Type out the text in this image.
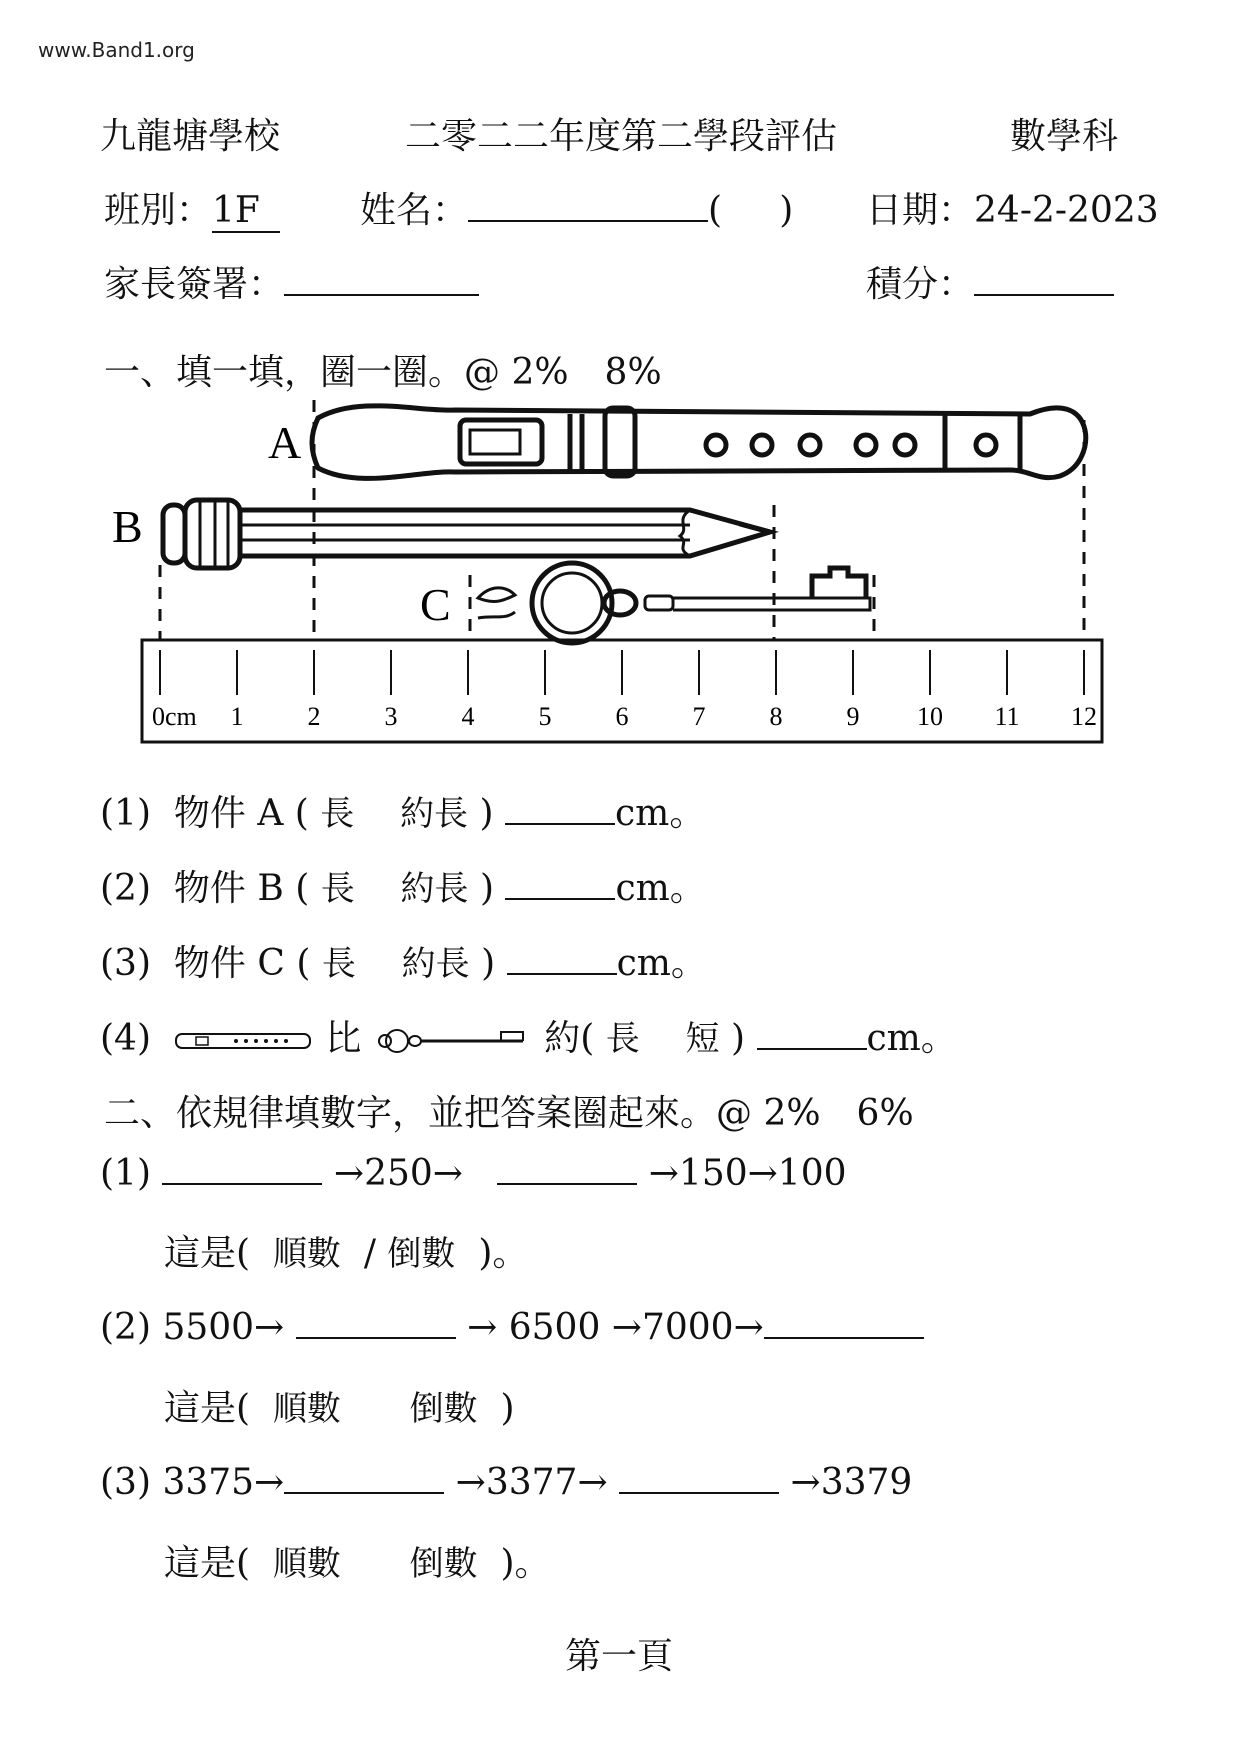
www.Band1.org
九龍塘學校	二零二二年度第二學段評估	數學科
班別：1F	姓名：	(     ) 日期：24-2-2023
家長簽署：	積分：
一、填一填，圈一圈。@ 2%　8%
A
B
C
0cm 1 2 3 4 5 6 7 8 9 10 11 12
(1) 物件 A ( 長 約長 )	cm。
(2) 物件 B ( 長 約長 )	cm。
(3) 物件 C ( 長 約長 )	cm。
(4)	比	約( 長 短 )	cm。
二、依規律填數字，並把答案圈起來。@ 2%　6%
(1)	→250→	→150→100
這是( 順數 / 倒數 )。
(2) 5500→	→ 6500 →7000→
這是( 順數 倒數 )
(3) 3375→	→3377→	→3379
這是( 順數 倒數 )。
第一頁
